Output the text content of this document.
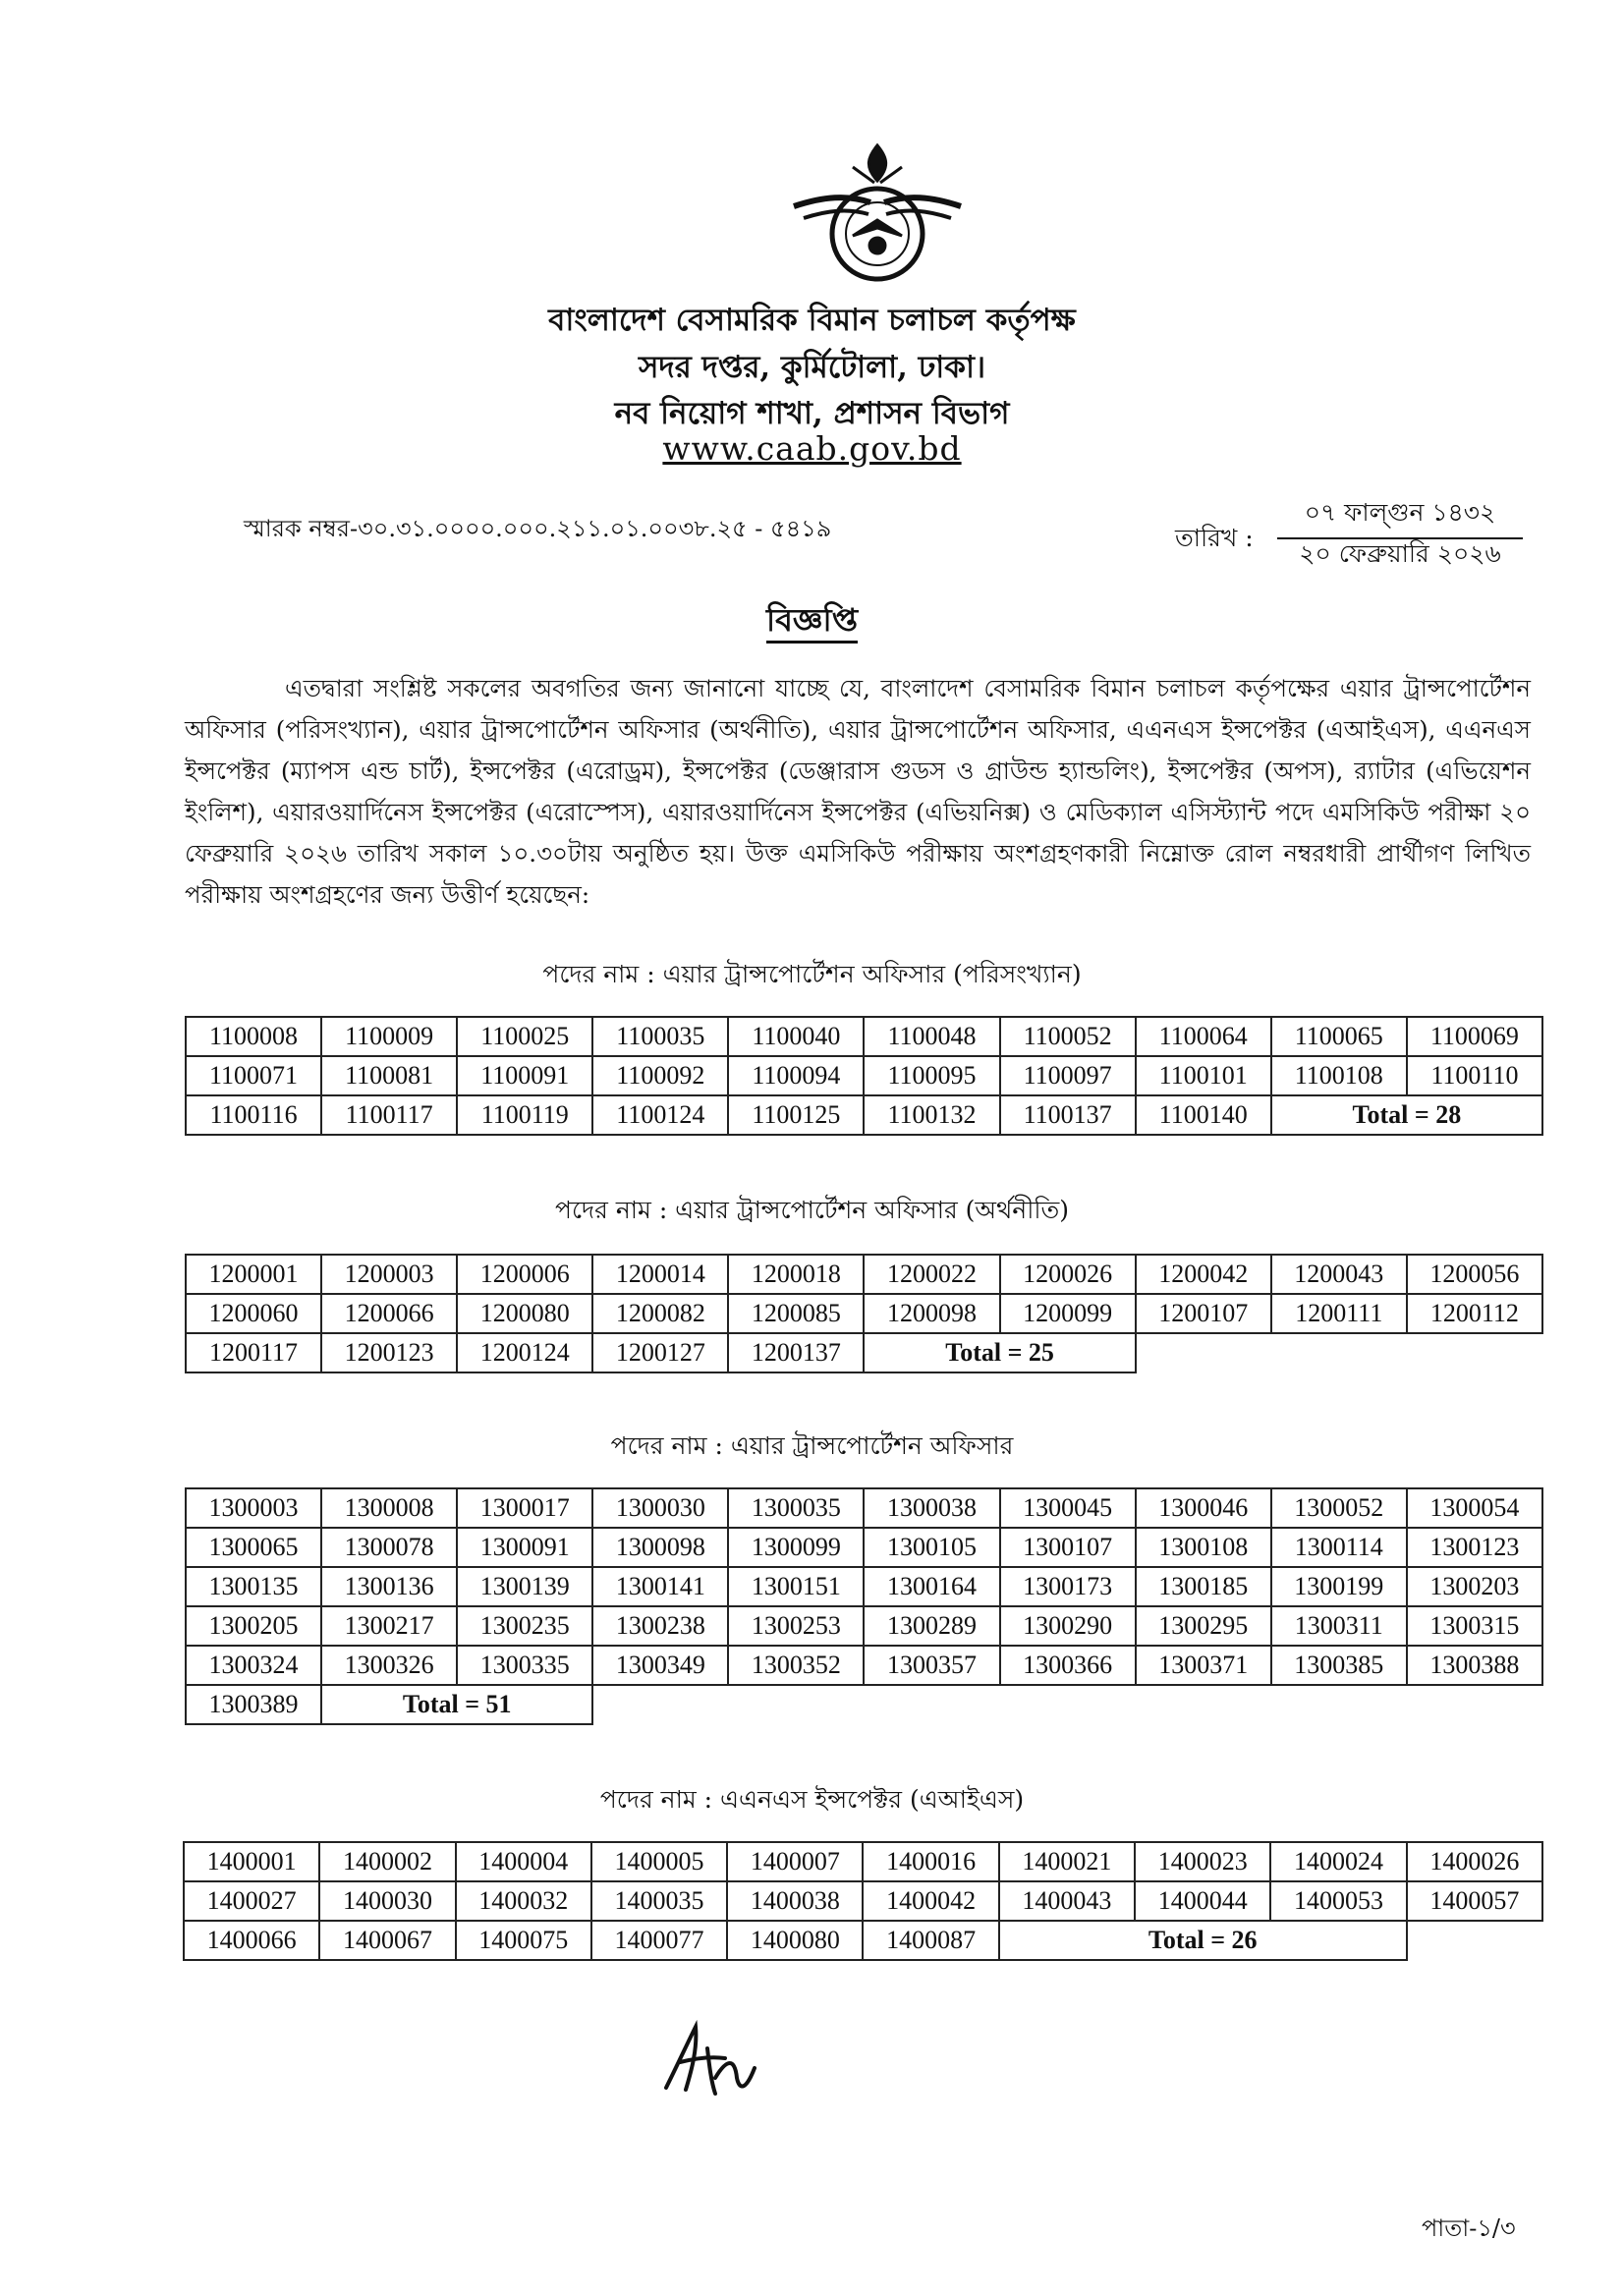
বাংলাদেশ বেসামরিক বিমান চলাচল কর্তৃপক্ষ
সদর দপ্তর, কুর্মিটোলা, ঢাকা।
নব নিয়োগ শাখা, প্রশাসন বিভাগ
www.caab.gov.bd
স্মারক নম্বর-৩০.৩১.০০০০.০০০.২১১.০১.০০৩৮.২৫ - ৫৪১৯	তারিখ :
০৭ ফাল্গুন ১৪৩২
২০ ফেব্রুয়ারি ২০২৬
বিজ্ঞপ্তি
এতদ্বারা সংশ্লিষ্ট সকলের অবগতির জন্য জানানো যাচ্ছে যে, বাংলাদেশ বেসামরিক বিমান চলাচল কর্তৃপক্ষের এয়ার ট্রান্সপোর্টেশন অফিসার (পরিসংখ্যান), এয়ার ট্রান্সপোর্টেশন অফিসার (অর্থনীতি), এয়ার ট্রান্সপোর্টেশন অফিসার, এএনএস ইন্সপেক্টর (এআইএস), এএনএস ইন্সপেক্টর (ম্যাপস এন্ড চার্ট), ইন্সপেক্টর (এরোড্রম), ইন্সপেক্টর (ডেঞ্জারাস গুডস ও গ্রাউন্ড হ্যান্ডলিং), ইন্সপেক্টর (অপস), র‍্যাটার (এভিয়েশন ইংলিশ), এয়ারওয়ার্দিনেস ইন্সপেক্টর (এরোস্পেস), এয়ারওয়ার্দিনেস ইন্সপেক্টর (এভিয়নিক্স) ও মেডিক্যাল এসিস্ট্যান্ট পদে এমসিকিউ পরীক্ষা ২০ ফেব্রুয়ারি ২০২৬ তারিখ সকাল ১০.৩০টায় অনুষ্ঠিত হয়। উক্ত এমসিকিউ পরীক্ষায় অংশগ্রহণকারী নিম্নোক্ত রোল নম্বরধারী প্রার্থীগণ লিখিত পরীক্ষায় অংশগ্রহণের জন্য উত্তীর্ণ হয়েছেন:
পদের নাম : এয়ার ট্রান্সপোর্টেশন অফিসার (পরিসংখ্যান)
1100008	1100009	1100025	1100035	1100040	1100048	1100052	1100064	1100065	1100069
1100071	1100081	1100091	1100092	1100094	1100095	1100097	1100101	1100108	1100110
1100116	1100117	1100119	1100124	1100125	1100132	1100137	1100140	Total = 28	
পদের নাম : এয়ার ট্রান্সপোর্টেশন অফিসার (অর্থনীতি)
1200001	1200003	1200006	1200014	1200018	1200022	1200026	1200042	1200043	1200056
1200060	1200066	1200080	1200082	1200085	1200098	1200099	1200107	1200111	1200112
1200117	1200123	1200124	1200127	1200137	Total = 25				
পদের নাম : এয়ার ট্রান্সপোর্টেশন অফিসার
1300003	1300008	1300017	1300030	1300035	1300038	1300045	1300046	1300052	1300054
1300065	1300078	1300091	1300098	1300099	1300105	1300107	1300108	1300114	1300123
1300135	1300136	1300139	1300141	1300151	1300164	1300173	1300185	1300199	1300203
1300205	1300217	1300235	1300238	1300253	1300289	1300290	1300295	1300311	1300315
1300324	1300326	1300335	1300349	1300352	1300357	1300366	1300371	1300385	1300388
1300389	Total = 51								
পদের নাম : এএনএস ইন্সপেক্টর (এআইএস)
1400001	1400002	1400004	1400005	1400007	1400016	1400021	1400023	1400024	1400026
1400027	1400030	1400032	1400035	1400038	1400042	1400043	1400044	1400053	1400057
1400066	1400067	1400075	1400077	1400080	1400087	Total = 26			
পাতা-১/৩
